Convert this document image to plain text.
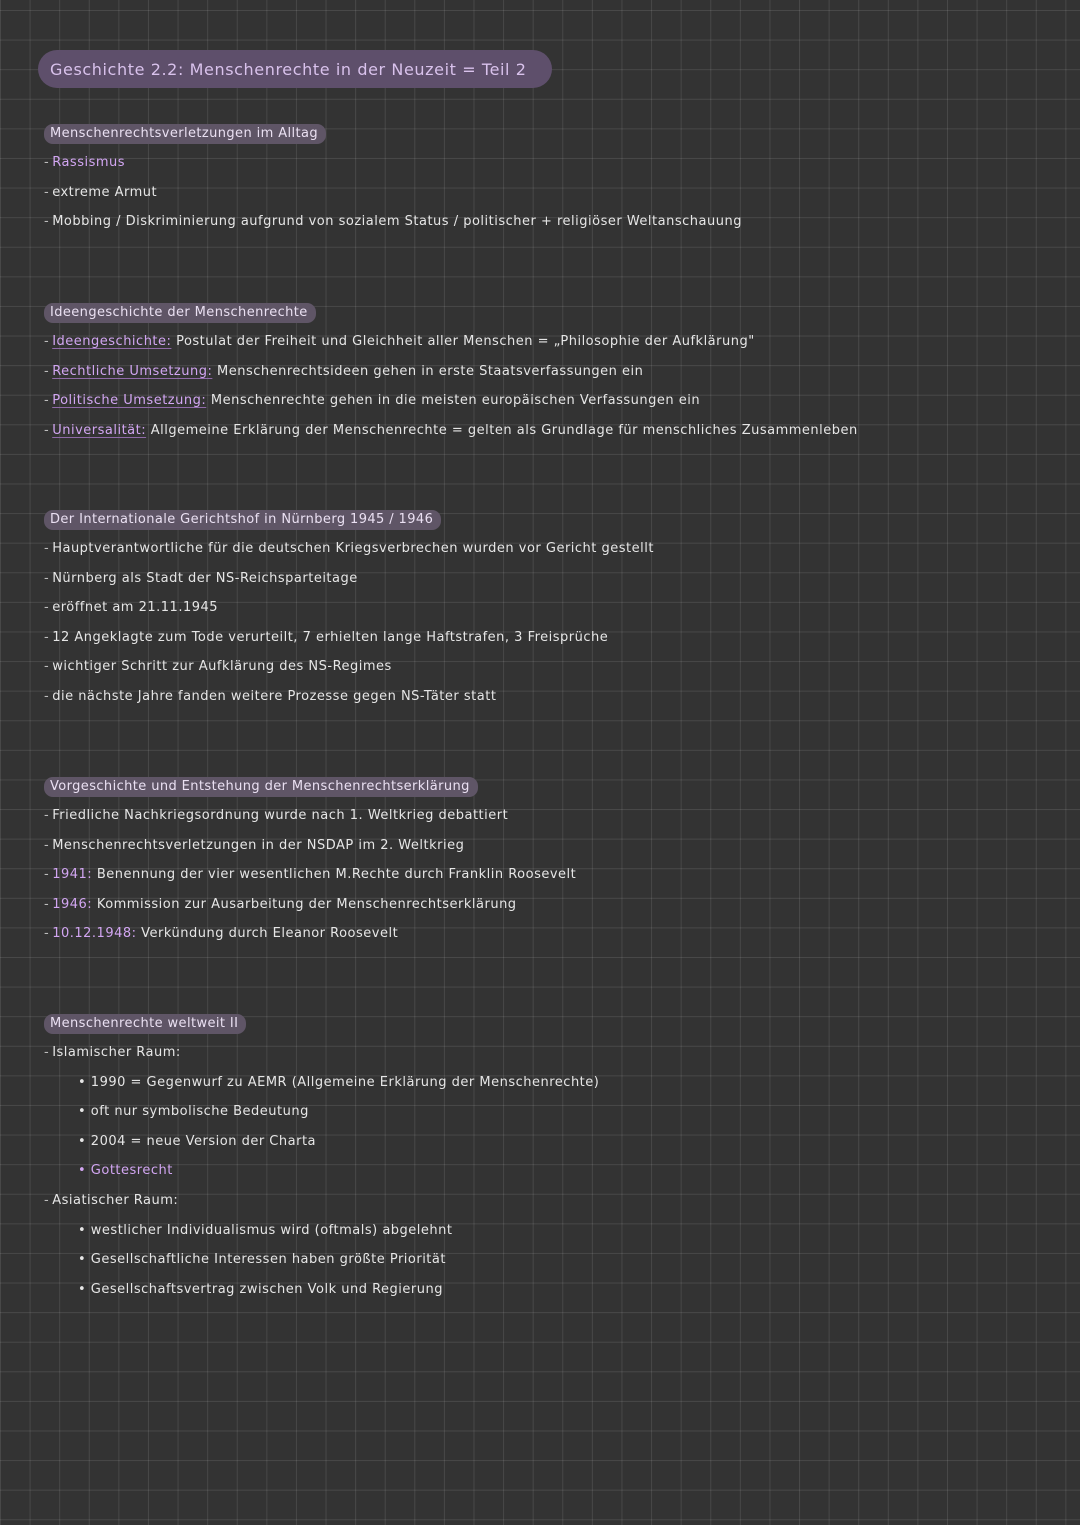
Geschichte 2.2: Menschenrechte in der Neuzeit = Teil 2
Menschenrechtsverletzungen im Alltag
- Rassismus
- extreme Armut
- Mobbing / Diskriminierung aufgrund von sozialem Status / politischer + religiöser Weltanschauung
Ideengeschichte der Menschenrechte
- Ideengeschichte: Postulat der Freiheit und Gleichheit aller Menschen = „Philosophie der Aufklärung"
- Rechtliche Umsetzung: Menschenrechtsideen gehen in erste Staatsverfassungen ein
- Politische Umsetzung: Menschenrechte gehen in die meisten europäischen Verfassungen ein
- Universalität: Allgemeine Erklärung der Menschenrechte = gelten als Grundlage für menschliches Zusammenleben
Der Internationale Gerichtshof in Nürnberg 1945 / 1946
- Hauptverantwortliche für die deutschen Kriegsverbrechen wurden vor Gericht gestellt
- Nürnberg als Stadt der NS-Reichsparteitage
- eröffnet am 21.11.1945
- 12 Angeklagte zum Tode verurteilt, 7 erhielten lange Haftstrafen, 3 Freisprüche
- wichtiger Schritt zur Aufklärung des NS-Regimes
- die nächste Jahre fanden weitere Prozesse gegen NS-Täter statt
Vorgeschichte und Entstehung der Menschenrechtserklärung
- Friedliche Nachkriegsordnung wurde nach 1. Weltkrieg debattiert
- Menschenrechtsverletzungen in der NSDAP im 2. Weltkrieg
- 1941: Benennung der vier wesentlichen M.Rechte durch Franklin Roosevelt
- 1946: Kommission zur Ausarbeitung der Menschenrechtserklärung
- 10.12.1948: Verkündung durch Eleanor Roosevelt
Menschenrechte weltweit II
- Islamischer Raum:
• 1990 = Gegenwurf zu AEMR (Allgemeine Erklärung der Menschenrechte)
• oft nur symbolische Bedeutung
• 2004 = neue Version der Charta
• Gottesrecht
- Asiatischer Raum:
• westlicher Individualismus wird (oftmals) abgelehnt
• Gesellschaftliche Interessen haben größte Priorität
• Gesellschaftsvertrag zwischen Volk und Regierung
